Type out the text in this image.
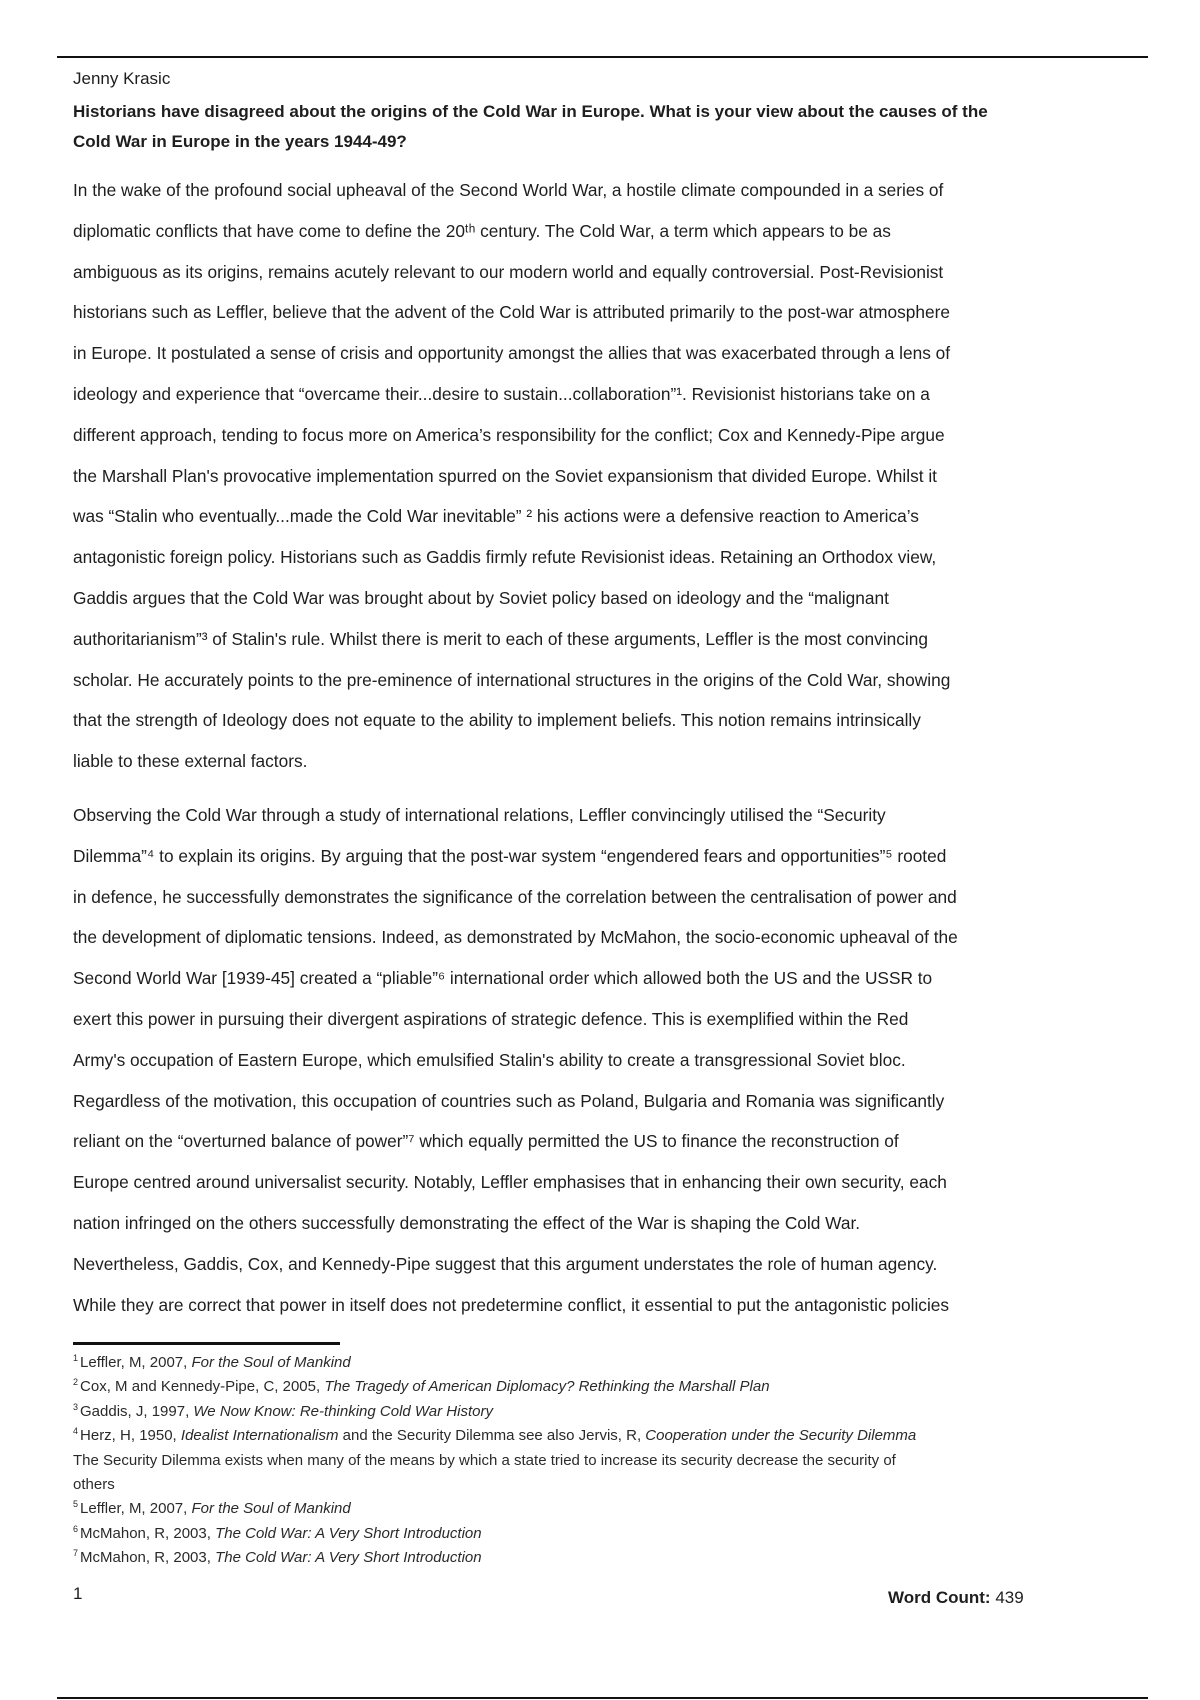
Jenny Krasic
Historians have disagreed about the origins of the Cold War in Europe. What is your view about the causes of the
Cold War in Europe in the years 1944-49?
In the wake of the profound social upheaval of the Second World War, a hostile climate compounded in a series of
diplomatic conflicts that have come to define the 20ᵗʰ century. The Cold War, a term which appears to be as
ambiguous as its origins, remains acutely relevant to our modern world and equally controversial. Post-Revisionist
historians such as Leffler, believe that the advent of the Cold War is attributed primarily to the post-war atmosphere
in Europe. It postulated a sense of crisis and opportunity amongst the allies that was exacerbated through a lens of
ideology and experience that “overcame their...desire to sustain...collaboration”¹. Revisionist historians take on a
different approach, tending to focus more on America’s responsibility for the conflict; Cox and Kennedy-Pipe argue
the Marshall Plan's provocative implementation spurred on the Soviet expansionism that divided Europe. Whilst it
was “Stalin who eventually...made the Cold War inevitable” ² his actions were a defensive reaction to America’s
antagonistic foreign policy. Historians such as Gaddis firmly refute Revisionist ideas. Retaining an Orthodox view,
Gaddis argues that the Cold War was brought about by Soviet policy based on ideology and the “malignant
authoritarianism”³ of Stalin's rule. Whilst there is merit to each of these arguments, Leffler is the most convincing
scholar. He accurately points to the pre-eminence of international structures in the origins of the Cold War, showing
that the strength of Ideology does not equate to the ability to implement beliefs. This notion remains intrinsically
liable to these external factors.
Observing the Cold War through a study of international relations, Leffler convincingly utilised the “Security
Dilemma”⁴ to explain its origins. By arguing that the post-war system “engendered fears and opportunities”⁵ rooted
in defence, he successfully demonstrates the significance of the correlation between the centralisation of power and
the development of diplomatic tensions. Indeed, as demonstrated by McMahon, the socio-economic upheaval of the
Second World War [1939-45] created a “pliable”⁶ international order which allowed both the US and the USSR to
exert this power in pursuing their divergent aspirations of strategic defence. This is exemplified within the Red
Army's occupation of Eastern Europe, which emulsified Stalin's ability to create a transgressional Soviet bloc.
Regardless of the motivation, this occupation of countries such as Poland, Bulgaria and Romania was significantly
reliant on the “overturned balance of power”⁷ which equally permitted the US to finance the reconstruction of
Europe centred around universalist security. Notably, Leffler emphasises that in enhancing their own security, each
nation infringed on the others successfully demonstrating the effect of the War is shaping the Cold War.
Nevertheless, Gaddis, Cox, and Kennedy-Pipe suggest that this argument understates the role of human agency.
While they are correct that power in itself does not predetermine conflict, it essential to put the antagonistic policies
$^1$ Leffler, M, 2007, For the Soul of Mankind
$^2$ Cox, M and Kennedy-Pipe, C, 2005, The Tragedy of American Diplomacy? Rethinking the Marshall Plan
$^3$ Gaddis, J, 1997, We Now Know: Re-thinking Cold War History
$^4$ Herz, H, 1950, Idealist Internationalism and the Security Dilemma see also Jervis, R, Cooperation under the Security Dilemma
The Security Dilemma exists when many of the means by which a state tried to increase its security decrease the security of
others
$^5$ Leffler, M, 2007, For the Soul of Mankind
$^6$ McMahon, R, 2003, The Cold War: A Very Short Introduction
$^7$ McMahon, R, 2003, The Cold War: A Very Short Introduction
1	Word Count: 439
